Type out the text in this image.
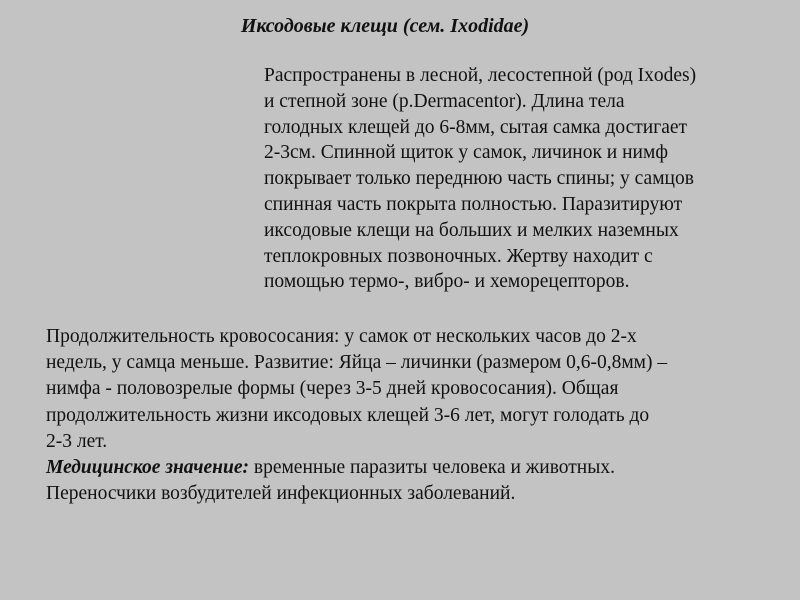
Иксодовые клещи (сем. Ixodidae)

Распространены в лесной, лесостепной (род Ixodes)
и степной зоне (р.Dermacentor). Длина тела
голодных клещей до 6-8мм, сытая самка достигает
2-3см. Спинной щиток у самок, личинок и нимф
покрывает только переднюю часть спины; у самцов
спинная часть покрыта полностью. Паразитируют
иксодовые клещи на больших и мелких наземных
теплокровных позвоночных. Жертву находит с
помощью термо-, вибро- и хеморецепторов.

Продолжительность кровососания: у самок от нескольких часов до 2-х
недель, у самца меньше. Развитие: Яйца – личинки (размером 0,6-0,8мм) –
нимфа - половозрелые формы (через 3-5 дней кровососания). Общая
продолжительность жизни иксодовых клещей 3-6 лет, могут голодать до
2-3 лет.
Медицинское значение: временные паразиты человека и животных.
Переносчики возбудителей инфекционных заболеваний.
